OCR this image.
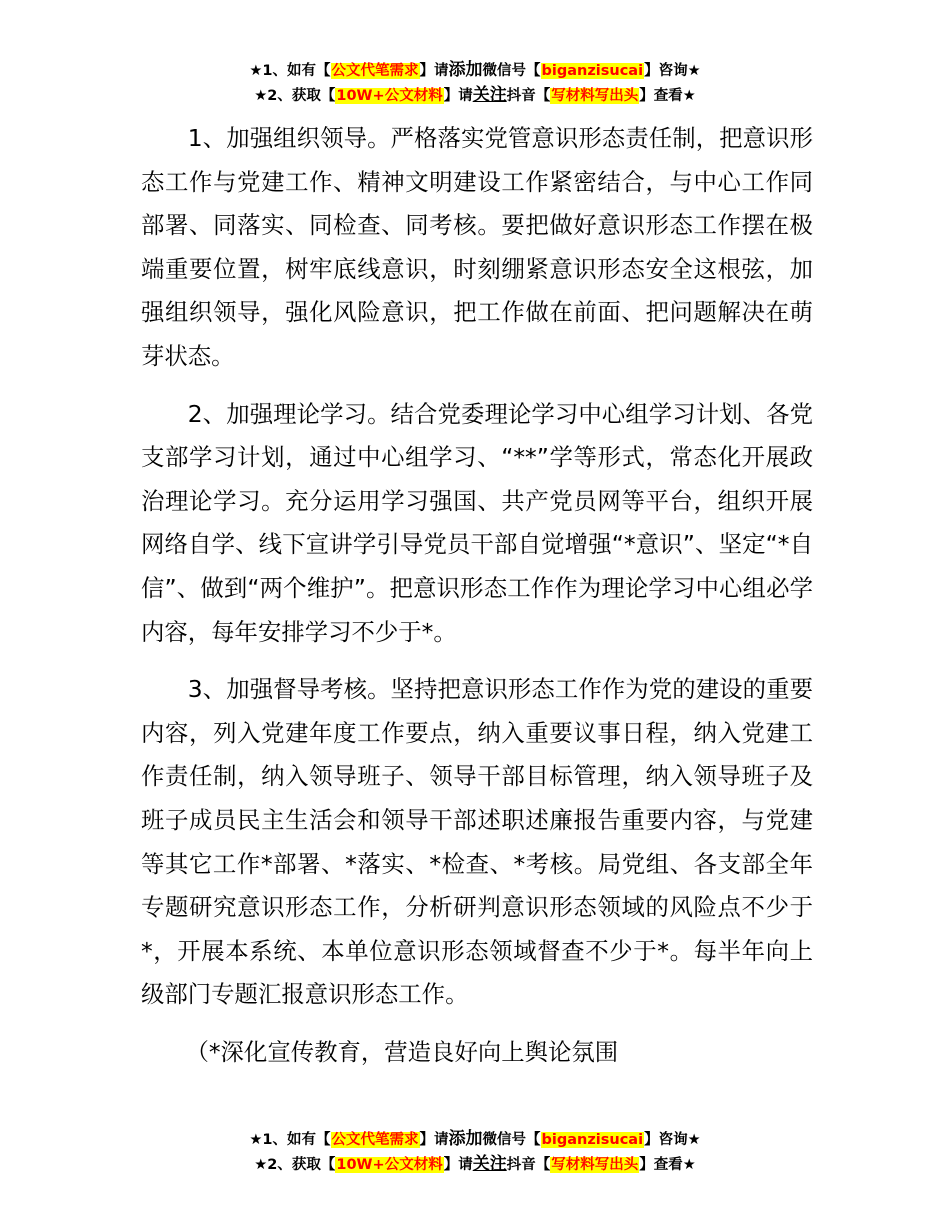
★1、如有【公文代笔需求】请添加微信号【biganzisucai】咨询★
★2、获取【10W+公文材料】请关注抖音【写材料写出头】查看★

1、加强组织领导。严格落实党管意识形态责任制，把意识形态工作与党建工作、精神文明建设工作紧密结合，与中心工作同部署、同落实、同检查、同考核。要把做好意识形态工作摆在极端重要位置，树牢底线意识，时刻绷紧意识形态安全这根弦，加强组织领导，强化风险意识，把工作做在前面、把问题解决在萌芽状态。

2、加强理论学习。结合党委理论学习中心组学习计划、各党支部学习计划，通过中心组学习、“**”学等形式，常态化开展政治理论学习。充分运用学习强国、共产党员网等平台，组织开展网络自学、线下宣讲学引导党员干部自觉增强“*意识”、坚定“*自信”、做到“两个维护”。把意识形态工作作为理论学习中心组必学内容，每年安排学习不少于*。

3、加强督导考核。坚持把意识形态工作作为党的建设的重要内容，列入党建年度工作要点，纳入重要议事日程，纳入党建工作责任制，纳入领导班子、领导干部目标管理，纳入领导班子及班子成员民主生活会和领导干部述职述廉报告重要内容，与党建等其它工作*部署、*落实、*检查、*考核。局党组、各支部全年专题研究意识形态工作，分析研判意识形态领域的风险点不少于*，开展本系统、本单位意识形态领域督查不少于*。每半年向上级部门专题汇报意识形态工作。

（*深化宣传教育，营造良好向上舆论氛围

★1、如有【公文代笔需求】请添加微信号【biganzisucai】咨询★
★2、获取【10W+公文材料】请关注抖音【写材料写出头】查看★
